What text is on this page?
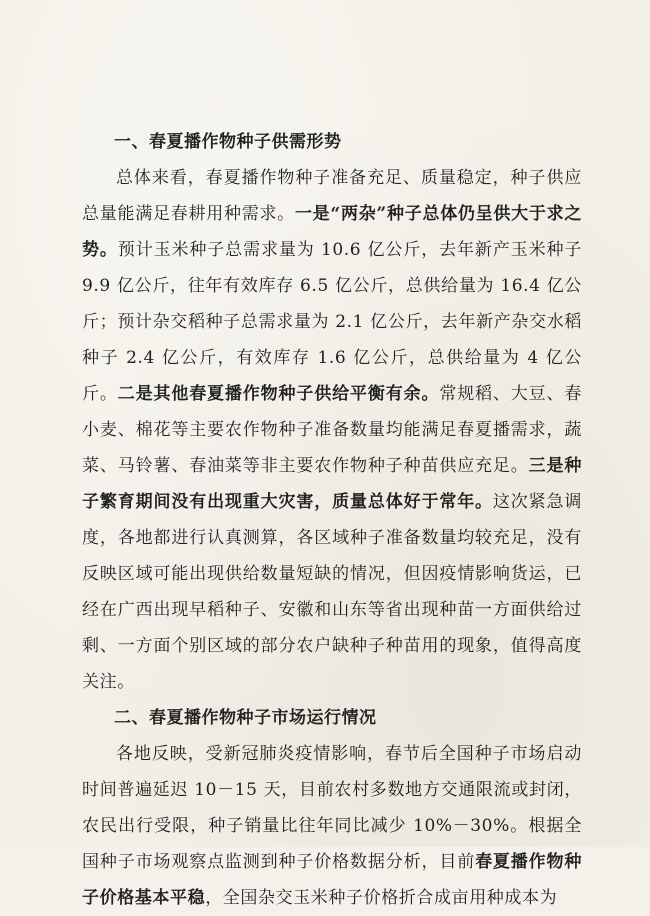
一、春夏播作物种子供需形势

总体来看，春夏播作物种子准备充足、质量稳定，种子供应总量能满足春耕用种需求。一是“两杂”种子总体仍呈供大于求之势。预计玉米种子总需求量为 10.6 亿公斤，去年新产玉米种子 9.9 亿公斤，往年有效库存 6.5 亿公斤，总供给量为 16.4 亿公斤；预计杂交稻种子总需求量为 2.1 亿公斤，去年新产杂交水稻种子 2.4 亿公斤，有效库存 1.6 亿公斤，总供给量为 4 亿公斤。二是其他春夏播作物种子供给平衡有余。常规稻、大豆、春小麦、棉花等主要农作物种子准备数量均能满足春夏播需求，蔬菜、马铃薯、春油菜等非主要农作物种子种苗供应充足。三是种子繁育期间没有出现重大灾害，质量总体好于常年。这次紧急调度，各地都进行认真测算，各区域种子准备数量均较充足，没有反映区域可能出现供给数量短缺的情况，但因疫情影响货运，已经在广西出现早稻种子、安徽和山东等省出现种苗一方面供给过剩、一方面个别区域的部分农户缺种子种苗用的现象，值得高度关注。

二、春夏播作物种子市场运行情况

各地反映，受新冠肺炎疫情影响，春节后全国种子市场启动时间普遍延迟 10－15 天，目前农村多数地方交通限流或封闭，农民出行受限，种子销量比往年同比减少 10%－30%。根据全国种子市场观察点监测到种子价格数据分析，目前春夏播作物种子价格基本平稳，全国杂交玉米种子价格折合成亩用种成本为
